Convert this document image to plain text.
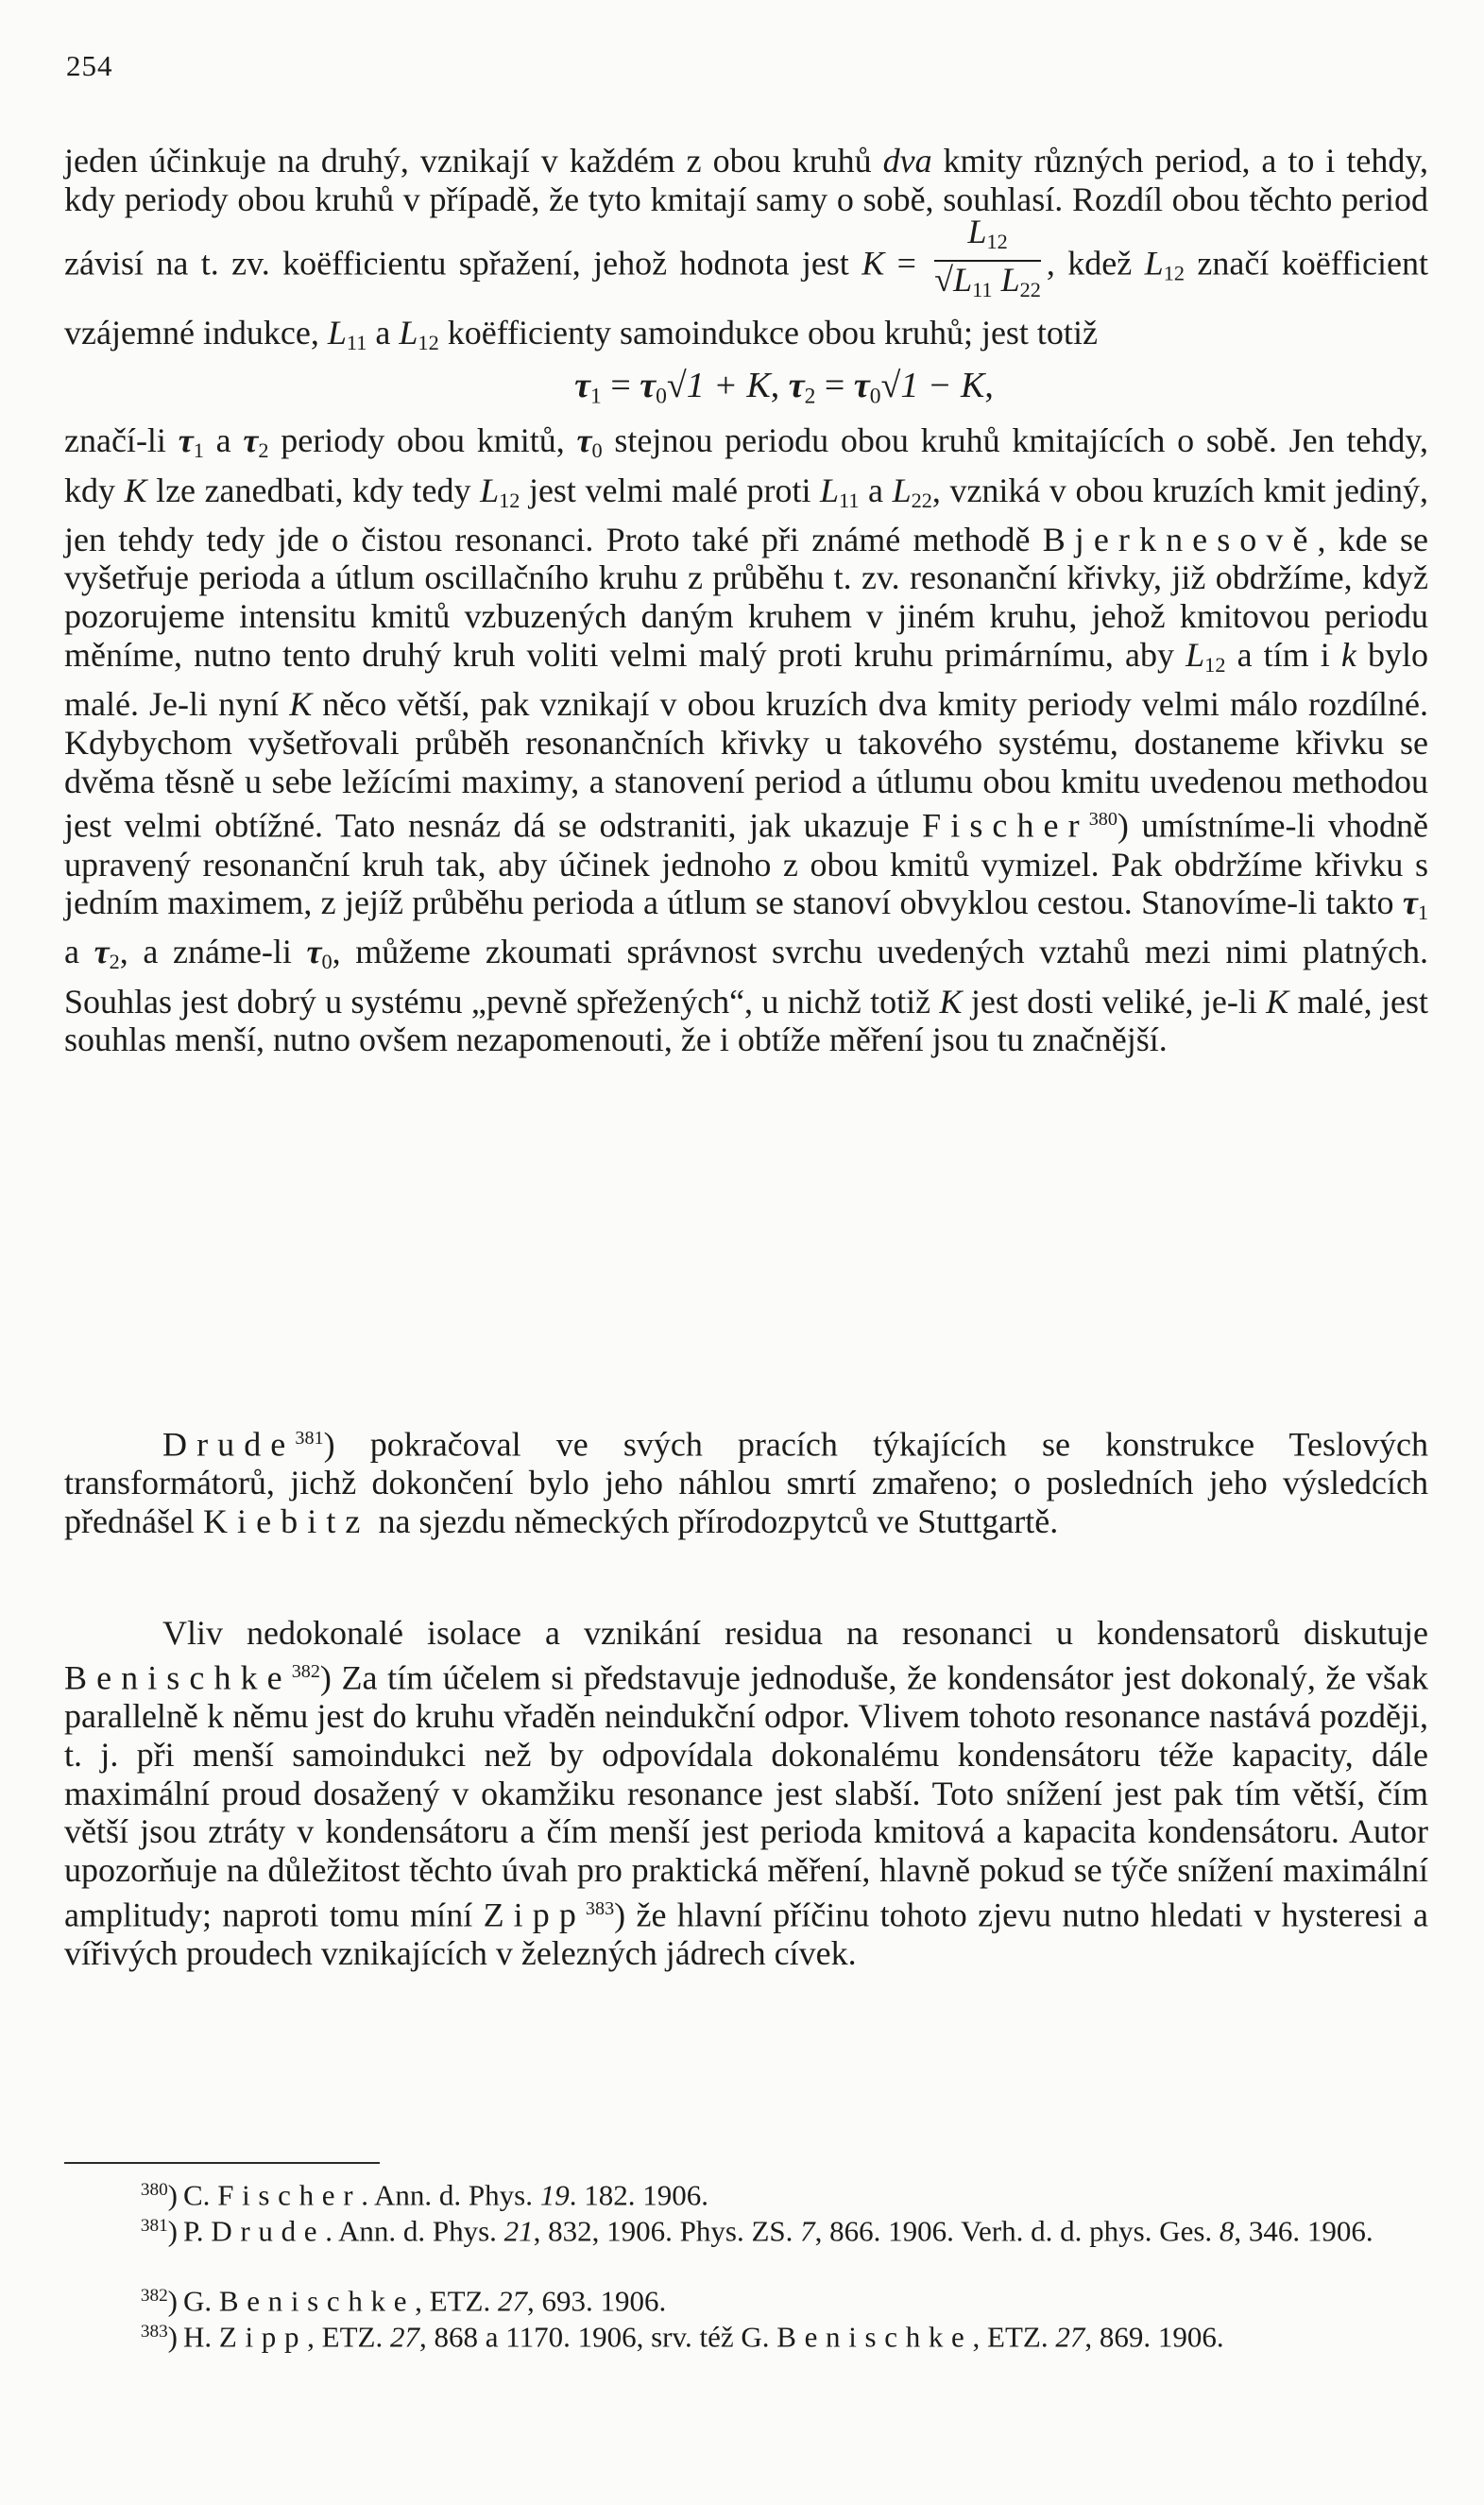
254
jeden účinkuje na druhý, vznikají v každém z obou kruhů dva kmity různých period, a to i tehdy, kdy periody obou kruhů v případě, že tyto kmitají samy o sobě, souhlasí. Rozdíl obou těchto period závisí na t. zv. koëfficientu spřažení, jehož hodnota jest $K = \frac{L_{12}}{√L_{11} L_{22}}$ , kdež $L_{12}$ značí koëfficient vzájemné indukce, $L_{11}$ a $L_{12}$ koëfficienty samoindukce obou kruhů; jest totiž
$\tau_1 = \tau_0√1 + K$, $\tau_2 = \tau_0√1 - K$,
značí-li $\tau_1$ a $\tau_2$ periody obou kmitů, $\tau_0$ stejnou periodu obou kruhů kmitajících o sobě. Jen tehdy, kdy K lze zanedbati, kdy tedy $L_{12}$ jest velmi malé proti $L_{11}$ a $L_{22}$, vzniká v obou kruzích kmit jediný, jen tehdy tedy jde o čistou resonanci. Proto také při známé methodě Bjerknesově, kde se vyšetřuje perioda a útlum oscillačního kruhu z průběhu t. zv. resonanční křivky, již obdržíme, když pozorujeme intensitu kmitů vzbuzených daným kruhem v jiném kruhu, jehož kmitovou periodu měníme, nutno tento druhý kruh voliti velmi malý proti kruhu primárnímu, aby $L_{12}$ a tím i k bylo malé. Je-li nyní K něco větší, pak vznikají v obou kruzích dva kmity periody velmi málo rozdílné. Kdybychom vyšetřovali průběh resonančních křivky u takového systému, dostaneme křivku se dvěma těsně u sebe ležícími maximy, a stanovení period a útlumu obou kmitu uvedenou methodou jest velmi obtížné. Tato nesnáz dá se odstraniti, jak ukazuje Fischer$^{380}$) umístníme-li vhodně upravený resonanční kruh tak, aby účinek jednoho z obou kmitů vymizel. Pak obdržíme křivku s jedním maximem, z jejíž průběhu perioda a útlum se stanoví obvyklou cestou. Stanovíme-li takto $\tau_1$ a $\tau_2$, a známe-li $\tau_0$, můžeme zkoumati správnost svrchu uvedených vztahů mezi nimi platných. Souhlas jest dobrý u systému „pevně spřežených“, u nichž totiž K jest dosti veliké, je-li K malé, jest souhlas menší, nutno ovšem nezapomenouti, že i obtíže měření jsou tu značnější.
Drude$^{381}$) pokračoval ve svých pracích týkajících se konstrukce Teslových transformátorů, jichž dokončení bylo jeho náhlou smrtí zmařeno; o posledních jeho výsledcích přednášel Kiebitz na sjezdu německých přírodozpytců ve Stuttgartě.
Vliv nedokonalé isolace a vznikání residua na resonanci u kondensatorů diskutuje Benischke$^{382}$) Za tím účelem si představuje jednoduše, že kondensátor jest dokonalý, že však parallelně k němu jest do kruhu vřaděn neindukční odpor. Vlivem tohoto resonance nastává později, t. j. při menší samoindukci než by odpovídala dokonalému kondensátoru téže kapacity, dále maximální proud dosažený v okamžiku resonance jest slabší. Toto snížení jest pak tím větší, čím větší jsou ztráty v kondensátoru a čím menší jest perioda kmitová a kapacita kondensátoru. Autor upozorňuje na důležitost těchto úvah pro praktická měření, hlavně pokud se týče snížení maximální amplitudy; naproti tomu míní Zipp$^{383}$) že hlavní příčinu tohoto zjevu nutno hledati v hysteresi a vířivých proudech vznikajících v železných jádrech cívek.
$^{380}$) C. Fischer. Ann. d. Phys. 19. 182. 1906.
$^{381}$) P. Drude. Ann. d. Phys. 21, 832, 1906. Phys. ZS. 7, 866. 1906. Verh. d. d. phys. Ges. 8, 346. 1906.
$^{382}$) G. Benischke, ETZ. 27, 693. 1906.
$^{383}$) H. Zipp, ETZ. 27, 868 a 1170. 1906, srv. též G. Benischke, ETZ. 27, 869. 1906.
